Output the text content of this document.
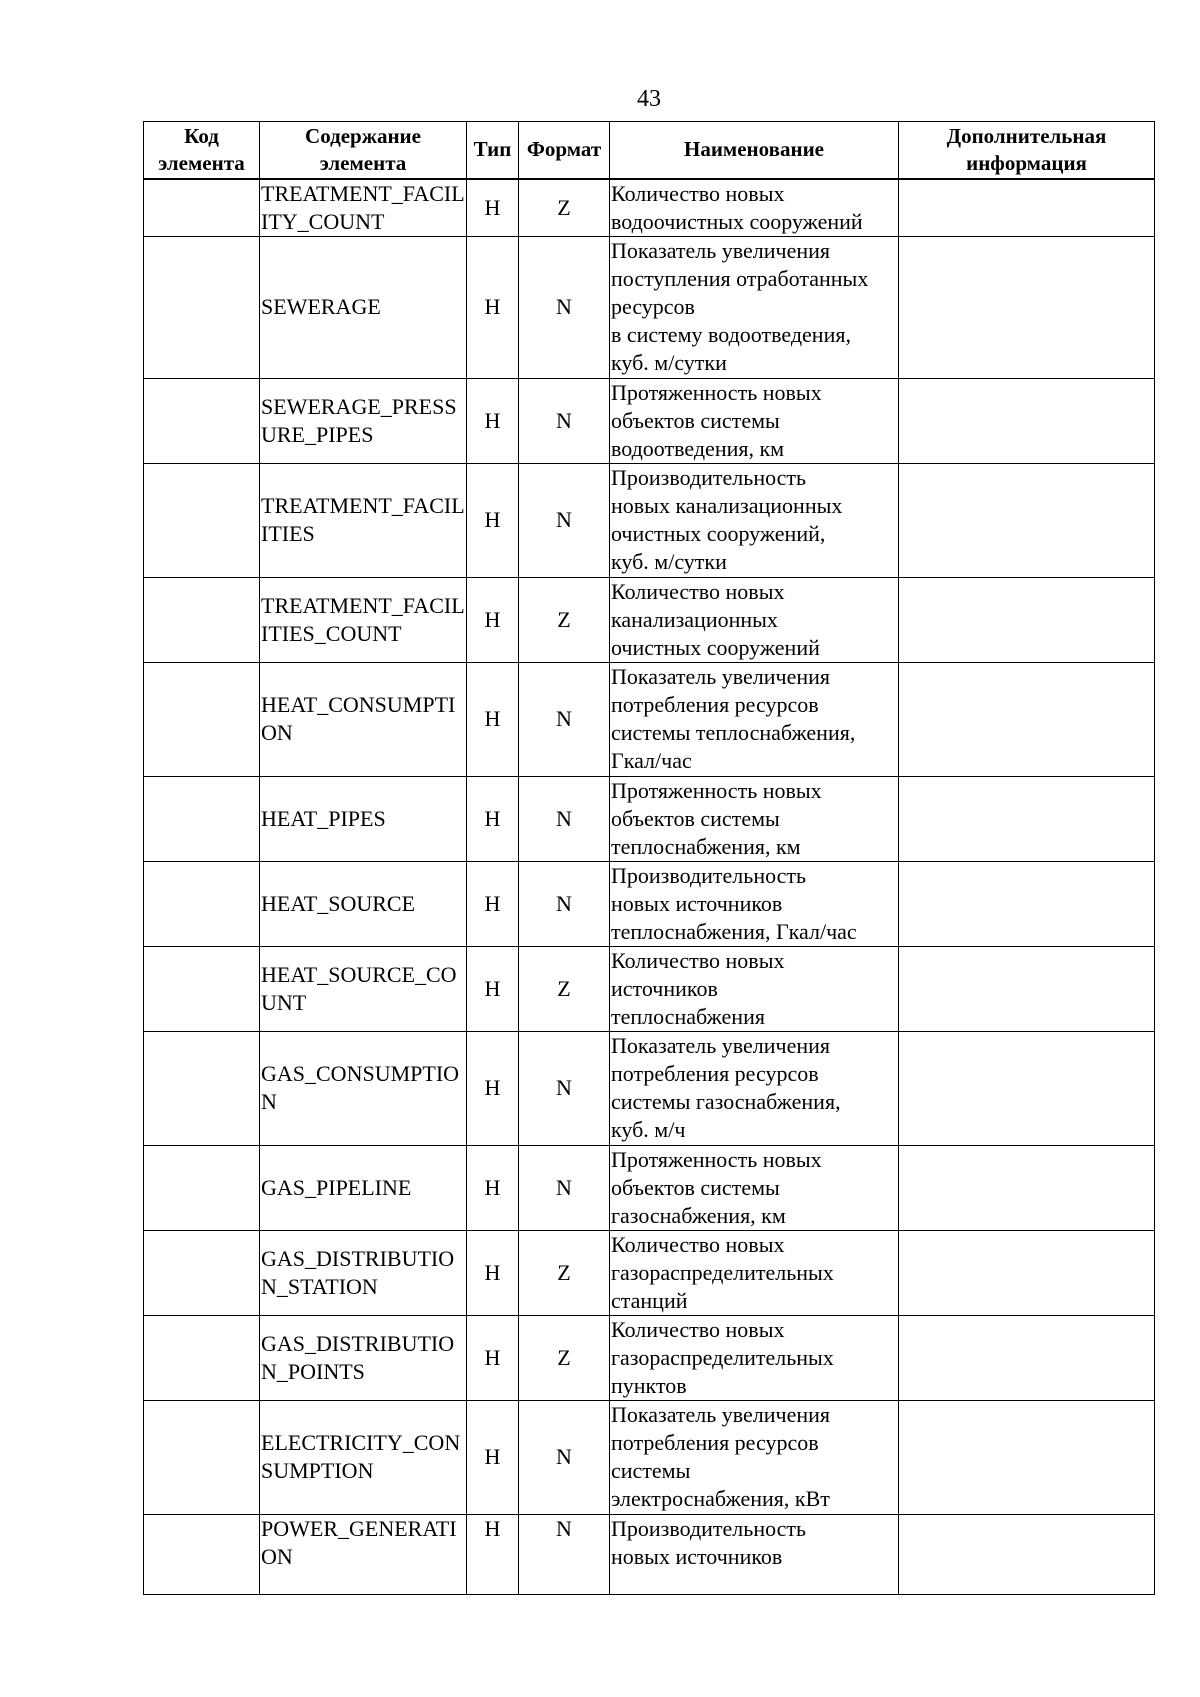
43
Код элемента	Содержание элемента	Тип	Формат	Наименование	Дополнительная информация
	TREATMENT_FACILITY_COUNT	Н	Z	Количество новых
водоочистных сооружений	
	SEWERAGE	Н	N	Показатель увеличения
поступления отработанных
ресурсов
в систему водоотведения,
куб. м/сутки	
	SEWERAGE_PRESSURE_PIPES	Н	N	Протяженность новых
объектов системы
водоотведения, км	
	TREATMENT_FACILITIES	Н	N	Производительность
новых канализационных
очистных сооружений,
куб. м/сутки	
	TREATMENT_FACILITIES_COUNT	Н	Z	Количество новых
канализационных
очистных сооружений	
	HEAT_CONSUMPTION	Н	N	Показатель увеличения
потребления ресурсов
системы теплоснабжения,
Гкал/час	
	HEAT_PIPES	Н	N	Протяженность новых
объектов системы
теплоснабжения, км	
	HEAT_SOURCE	Н	N	Производительность
новых источников
теплоснабжения, Гкал/час	
	HEAT_SOURCE_COUNT	Н	Z	Количество новых
источников
теплоснабжения	
	GAS_CONSUMPTION	Н	N	Показатель увеличения
потребления ресурсов
системы газоснабжения,
куб. м/ч	
	GAS_PIPELINE	Н	N	Протяженность новых
объектов системы
газоснабжения, км	
	GAS_DISTRIBUTION_STATION	Н	Z	Количество новых
газораспределительных
станций	
	GAS_DISTRIBUTION_POINTS	Н	Z	Количество новых
газораспределительных
пунктов	
	ELECTRICITY_CONSUMPTION	Н	N	Показатель увеличения
потребления ресурсов
системы
электроснабжения, кВт	
	POWER_GENERATION	Н	N	Производительность
новых источников	
